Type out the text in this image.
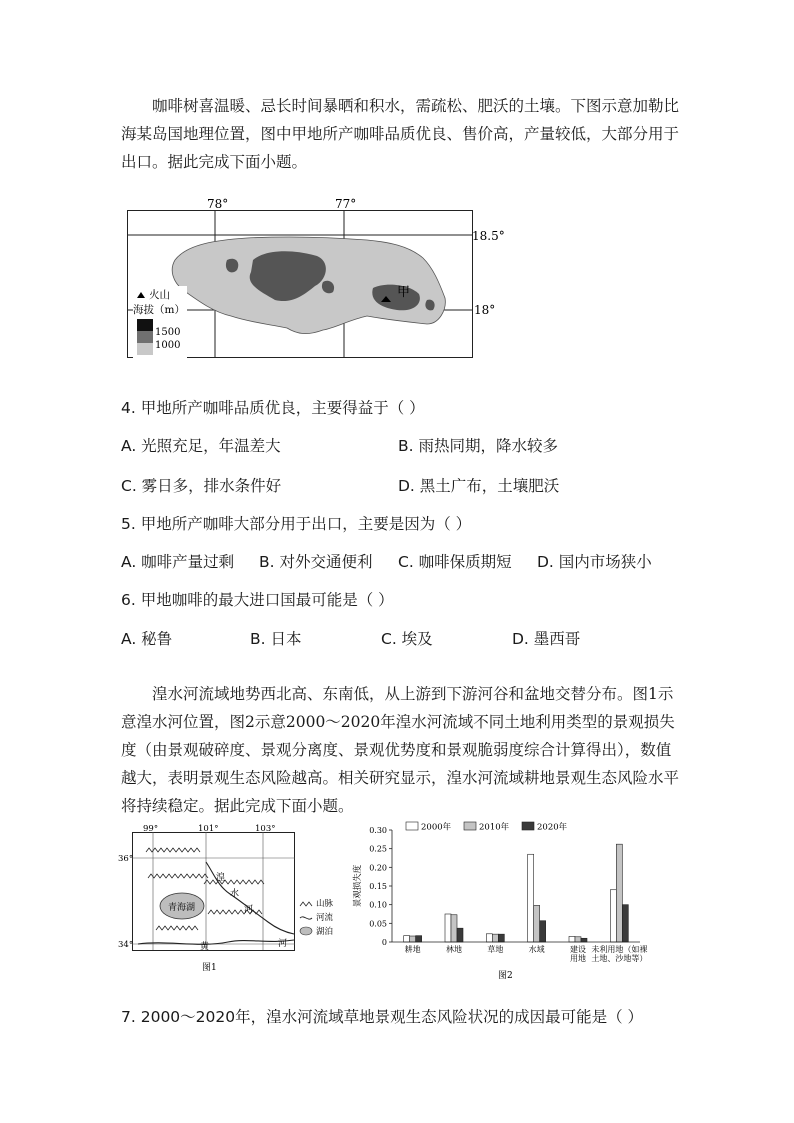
咖啡树喜温暖、忌长时间暴晒和积水，需疏松、肥沃的土壤。下图示意加勒比海某岛国地理位置，图中甲地所产咖啡品质优良、售价高，产量较低，大部分用于出口。据此完成下面小题。

甲
火山
海拔（m）
1500
1000
78°	77°
18.5°
18°
4. 甲地所产咖啡品质优良，主要得益于（ ）
A. 光照充足，年温差大	B. 雨热同期，降水较多
C. 雾日多，排水条件好	D. 黑土广布，土壤肥沃
5. 甲地所产咖啡大部分用于出口，主要是因为（ ）
A. 咖啡产量过剩 B. 对外交通便利 C. 咖啡保质期短 D. 国内市场狭小
6. 甲地咖啡的最大进口国最可能是（ ）
A. 秘鲁	B. 日本	C. 埃及	D. 墨西哥

湟水河流域地势西北高、东南低，从上游到下游河谷和盆地交替分布。图1示意湟水河位置，图2示意2000～2020年湟水河流域不同土地利用类型的景观损失度（由景观破碎度、景观分离度、景观优势度和景观脆弱度综合计算得出），数值越大，表明景观生态风险越高。相关研究显示，湟水河流域耕地景观生态风险水平将持续稳定。据此完成下面小题。

青海湖
湟
水
河
黄	河
99°	101°	103°
36°
34°
山脉
河流
湖泊
图1
0
0.05
0.10
0.15
0.20
0.25
0.30
耕地	林地	草地	水域	建设
用地
未利用地（如裸
土地、沙地等）
2000年	2010年	2020年
景观损失度
图2
7. 2000～2020年，湟水河流域草地景观生态风险状况的成因最可能是（ ）
